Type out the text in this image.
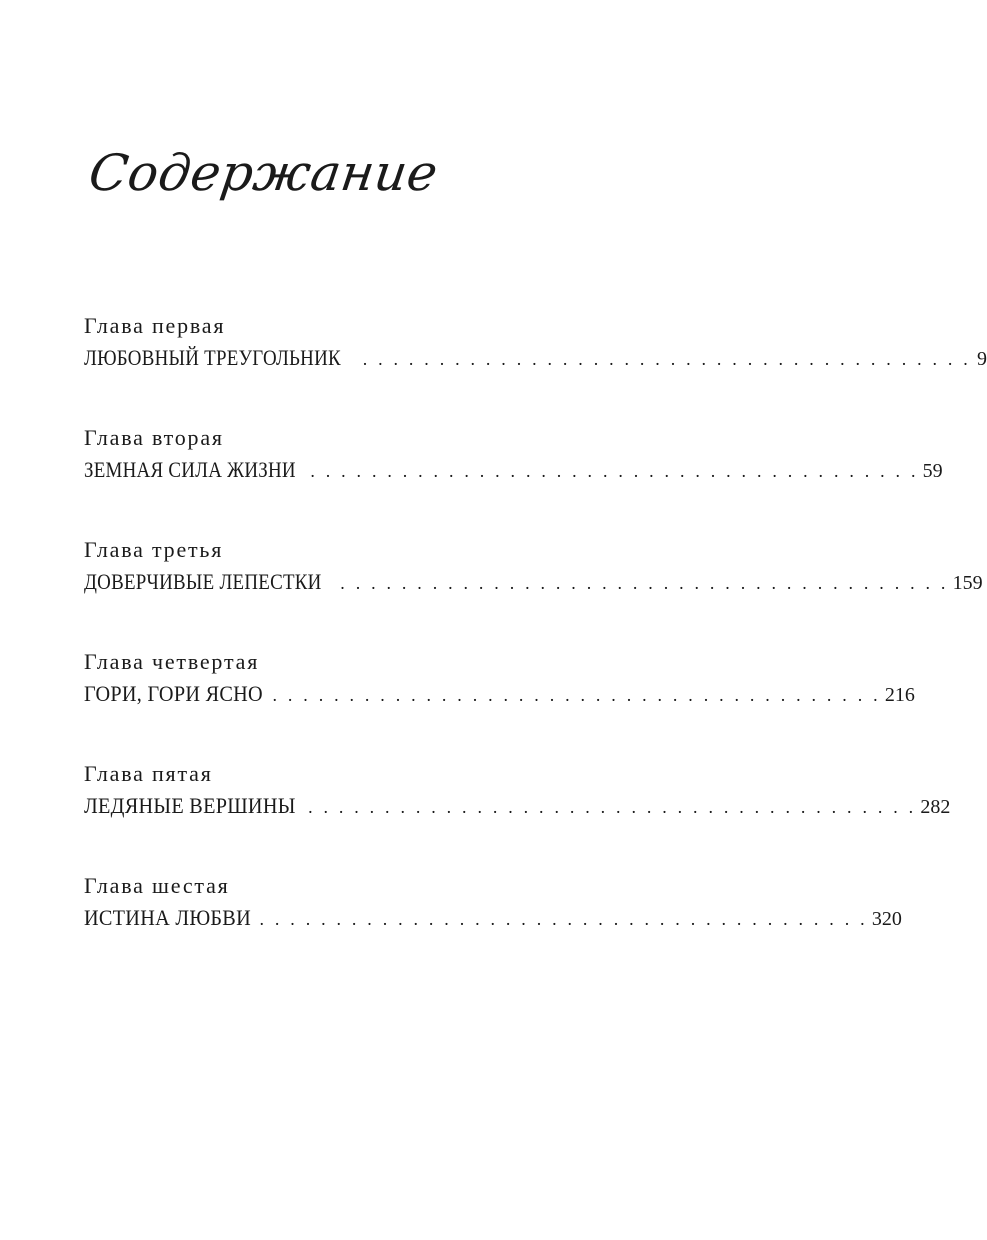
Содержание
Глава первая
ЛЮБОВНЫЙ ТРЕУГОЛЬНИК . . . . . . . . . . . . . . . . . . . . . . . . . . . . . . . . . . . . . . . . 9
Глава вторая
ЗЕМНАЯ СИЛА ЖИЗНИ . . . . . . . . . . . . . . . . . . . . . . . . . . . . . . . . . . . . . . . . 59
Глава третья
ДОВЕРЧИВЫЕ ЛЕПЕСТКИ . . . . . . . . . . . . . . . . . . . . . . . . . . . . . . . . . . . . . . . . 159
Глава четвертая
ГОРИ, ГОРИ ЯСНО . . . . . . . . . . . . . . . . . . . . . . . . . . . . . . . . . . . . . . . . 216
Глава пятая
ЛЕДЯНЫЕ ВЕРШИНЫ . . . . . . . . . . . . . . . . . . . . . . . . . . . . . . . . . . . . . . . . 282
Глава шестая
ИСТИНА ЛЮБВИ . . . . . . . . . . . . . . . . . . . . . . . . . . . . . . . . . . . . . . . . 320
